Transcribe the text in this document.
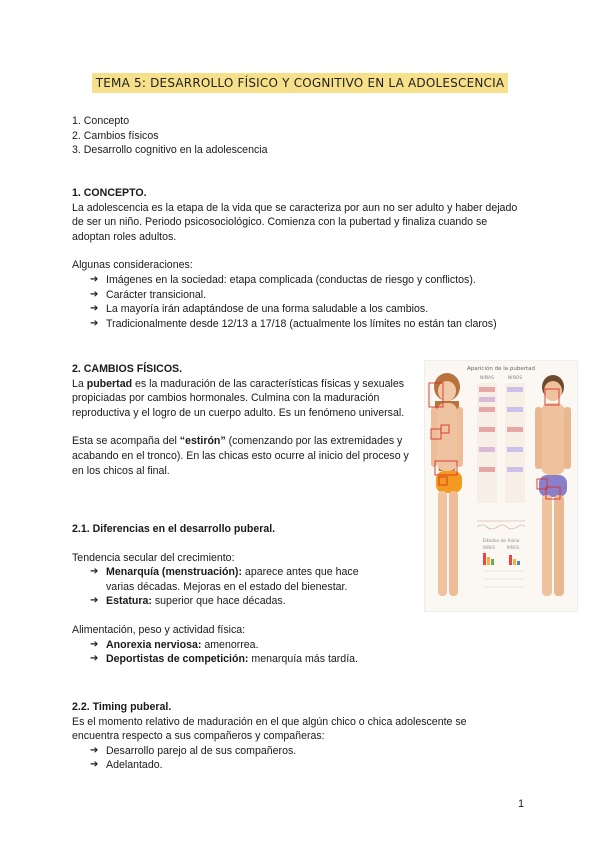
TEMA 5: DESARROLLO FÍSICO Y COGNITIVO EN LA ADOLESCENCIA
1. Concepto
2. Cambios físicos
3. Desarrollo cognitivo en la adolescencia
1. CONCEPTO.

La adolescencia es la etapa de la vida que se caracteriza por aun no ser adulto y haber dejado de ser un niño. Periodo psicosociológico. Comienza con la pubertad y finaliza cuando se adoptan roles adultos.

Algunas consideraciones:

➔ Imágenes en la sociedad: etapa complicada (conductas de riesgo y conflictos).
➔ Carácter transicional.
➔ La mayoría irán adaptándose de una forma saludable a los cambios.
➔ Tradicionalmente desde 12/13 a 17/18 (actualmente los límites no están tan claros)
2. CAMBIOS FÍSICOS.

La pubertad es la maduración de las características físicas y sexuales propiciadas por cambios hormonales. Culmina con la maduración reproductiva y el logro de un cuerpo adulto. Es un fenómeno universal.

Esta se acompaña del “estirón” (comenzando por las extremidades y acabando en el tronco). En las chicas esto ocurre al inicio del proceso y en los chicos al final.

2.1. Diferencias en el desarrollo puberal.

Tendencia secular del crecimiento:

➔ Menarquía (menstruación): aparece antes que hace varias décadas. Mejoras en el estado del bienestar.
➔ Estatura: superior que hace décadas.

Alimentación, peso y actividad física:

➔ Anorexia nerviosa: amenorrea.
➔ Deportistas de competición: menarquía más tardía.
2.2. Timing puberal.

Es el momento relativo de maduración en el que algún chico o chica adolescente se encuentra respecto a sus compañeros y compañeras:

➔ Desarrollo parejo al de sus compañeros.
➔ Adelantado.
Aparición de la pubertad
NIÑAS	NIÑOS
Edades de Inicio
NIÑAS	NIÑOS
1
